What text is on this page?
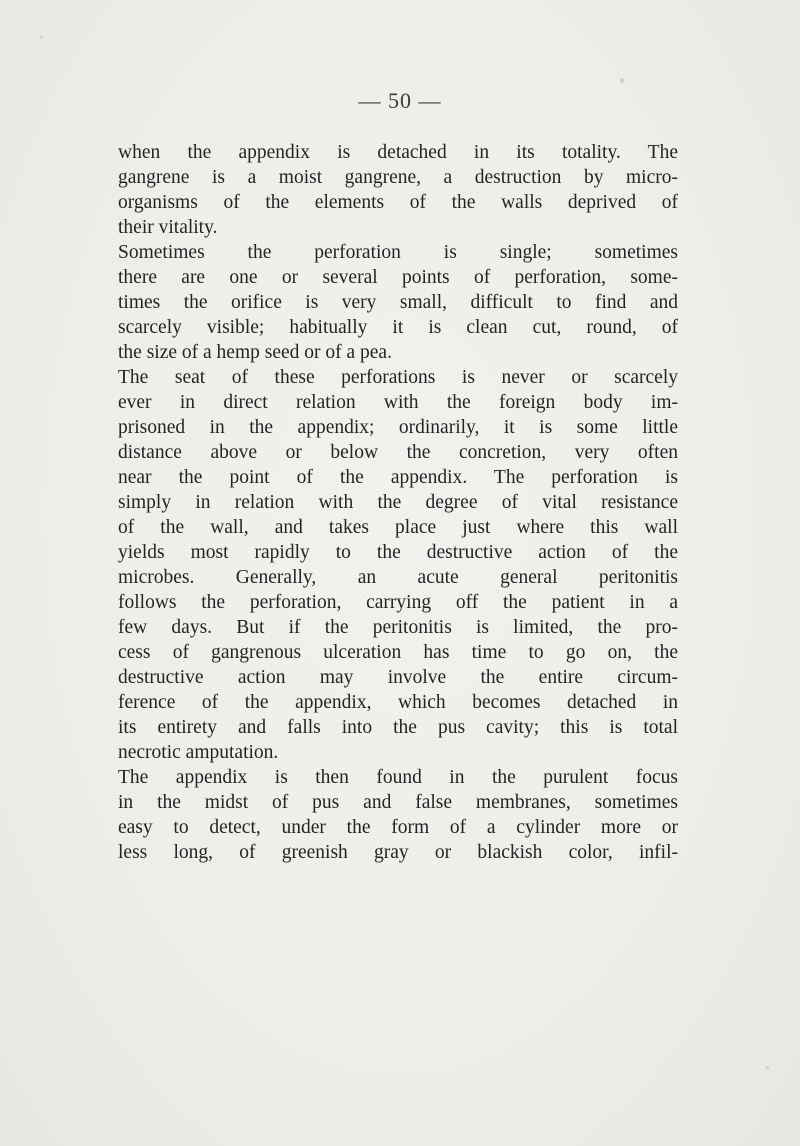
— 50 —
when the appendix is detached in its totality. The
gangrene is a moist gangrene, a destruction by micro-
organisms of the elements of the walls deprived of
their vitality.
Sometimes the perforation is single; sometimes
there are one or several points of perforation, some-
times the orifice is very small, difficult to find and
scarcely visible; habitually it is clean cut, round, of
the size of a hemp seed or of a pea.
The seat of these perforations is never or scarcely
ever in direct relation with the foreign body im-
prisoned in the appendix; ordinarily, it is some little
distance above or below the concretion, very often
near the point of the appendix. The perforation is
simply in relation with the degree of vital resistance
of the wall, and takes place just where this wall
yields most rapidly to the destructive action of the
microbes. Generally, an acute general peritonitis
follows the perforation, carrying off the patient in a
few days. But if the peritonitis is limited, the pro-
cess of gangrenous ulceration has time to go on, the
destructive action may involve the entire circum-
ference of the appendix, which becomes detached in
its entirety and falls into the pus cavity; this is total
necrotic amputation.
The appendix is then found in the purulent focus
in the midst of pus and false membranes, sometimes
easy to detect, under the form of a cylinder more or
less long, of greenish gray or blackish color, infil-
